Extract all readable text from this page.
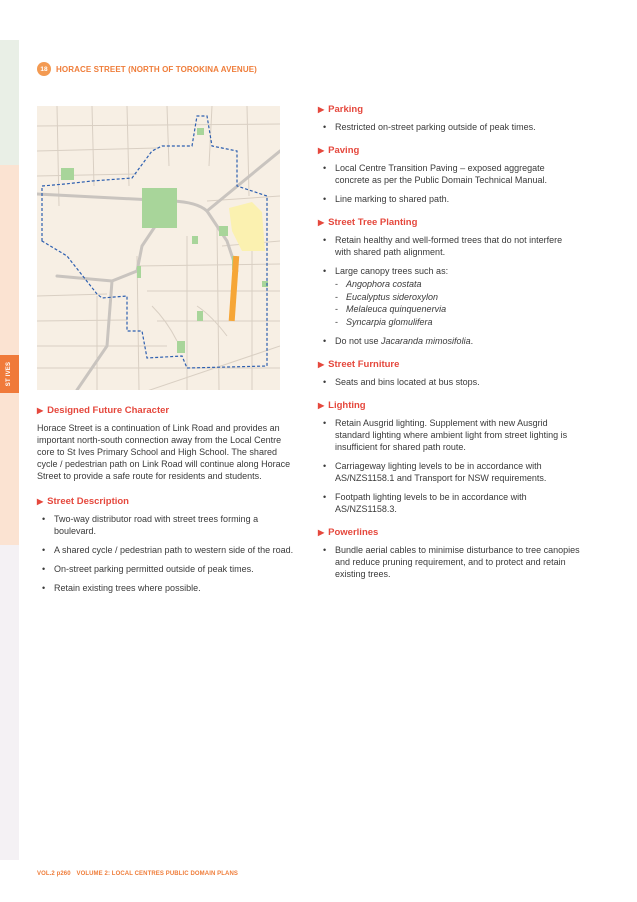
ST IVES
18	HORACE STREET (NORTH OF TOROKINA AVENUE)
▶ Designed Future Character

Horace Street is a continuation of Link Road and provides an important north-south connection away from the Local Centre core to St Ives Primary School and High School. The shared cycle / pedestrian path on Link Road will continue along Horace Street to provide a safe route for residents and students.

▶ Street Description
• Two-way distributor road with street trees forming a boulevard.
• A shared cycle / pedestrian path to western side of the road.
• On-street parking permitted outside of peak times.
• Retain existing trees where possible.
▶ Parking
• Restricted on-street parking outside of peak times.
▶ Paving
• Local Centre Transition Paving – exposed aggregate concrete as per the Public Domain Technical Manual.
• Line marking to shared path.
▶ Street Tree Planting
• Retain healthy and well-formed trees that do not interfere with shared path alignment.
• Large canopy trees such as:
- Angophora costata
- Eucalyptus sideroxylon
- Melaleuca quinquenervia
- Syncarpia glomulifera
• Do not use Jacaranda mimosifolia.
▶ Street Furniture
• Seats and bins located at bus stops.
▶ Lighting
• Retain Ausgrid lighting. Supplement with new Ausgrid standard lighting where ambient light from street lighting is insufficient for shared path route.
• Carriageway lighting levels to be in accordance with AS/NZS1158.1 and Transport for NSW requirements.
• Footpath lighting levels to be in accordance with AS/NZS1158.3.
▶ Powerlines
• Bundle aerial cables to minimise disturbance to tree canopies and reduce pruning requirement, and to protect and retain existing trees.
VOL.2 p260 VOLUME 2: LOCAL CENTRES PUBLIC DOMAIN PLANS
